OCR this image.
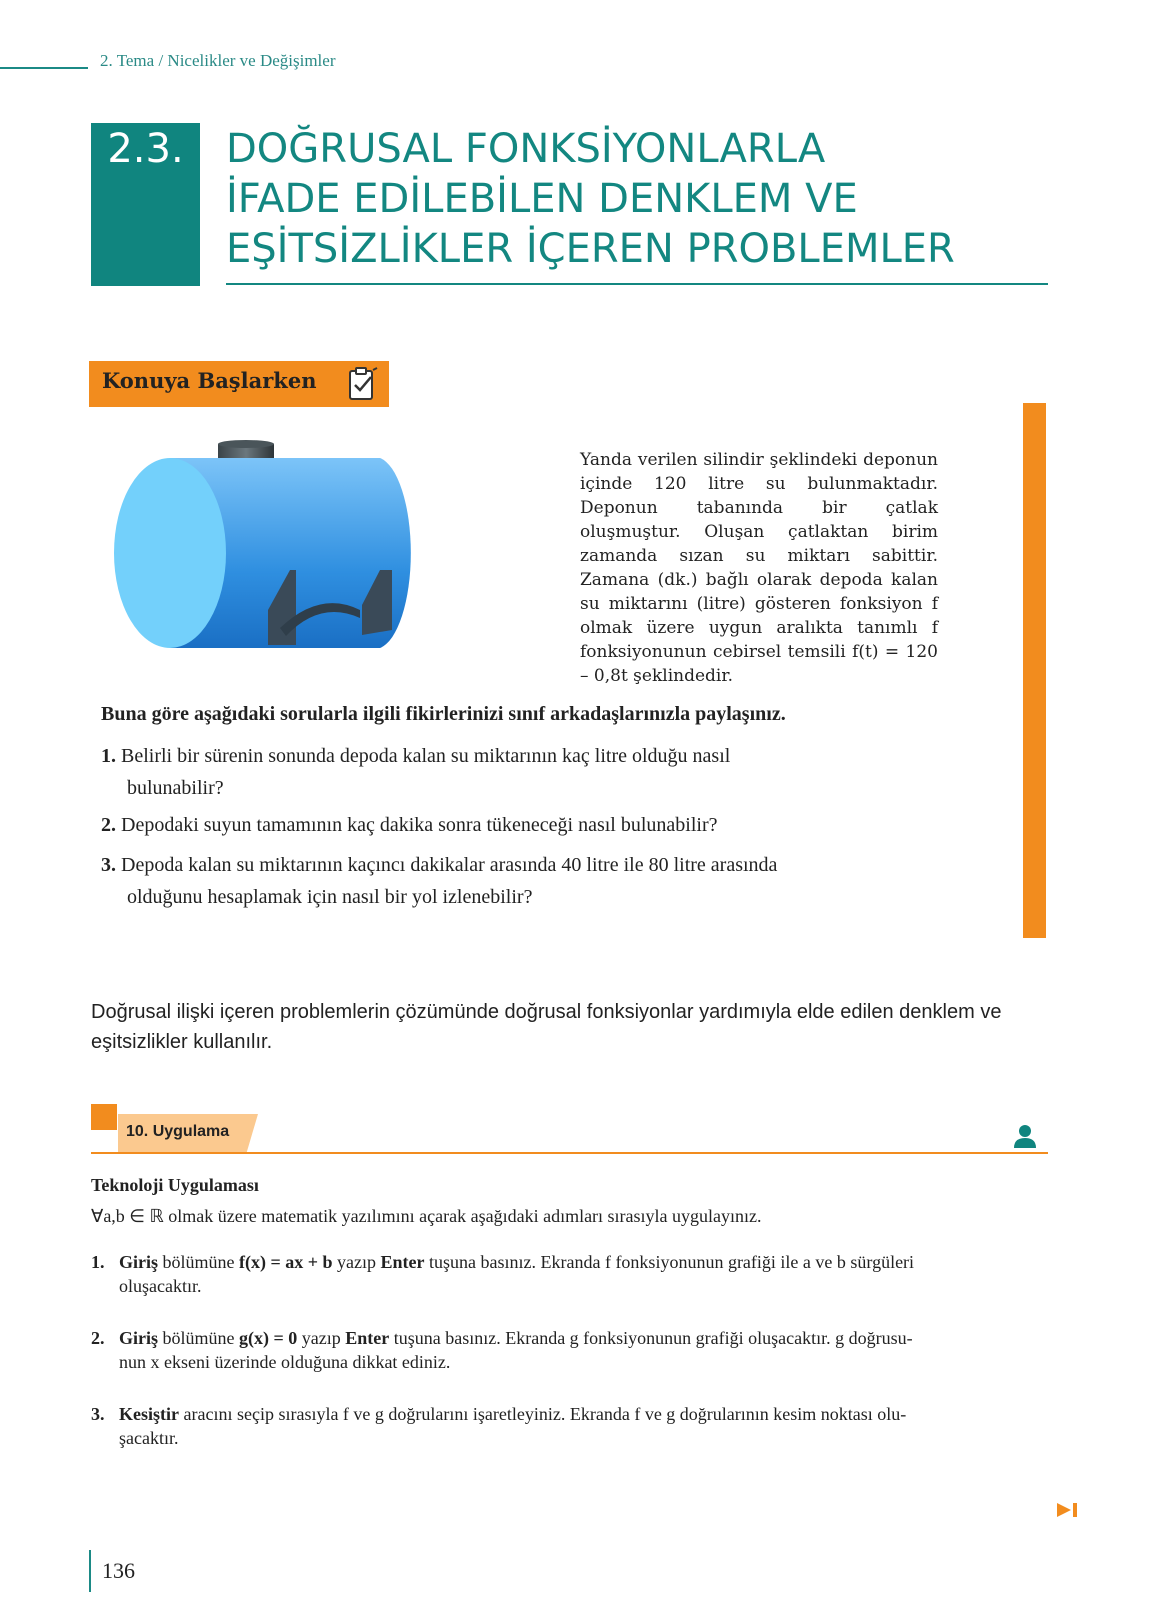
2. Tema / Nicelikler ve Değişimler
2.3.	DOĞRUSAL FONKSİYONLARLA
İFADE EDİLEBİLEN DENKLEM VE
EŞİTSİZLİKLER İÇEREN PROBLEMLER
Konuya Başlarken
Yanda verilen silindir şeklindeki deponun içinde 120 litre su bulunmaktadır. Deponun tabanında bir çatlak oluşmuştur. Oluşan çatlaktan birim zamanda sızan su miktarı sabittir. Zamana (dk.) bağlı olarak depoda kalan su miktarını (litre) gösteren fonksiyon f olmak üzere uygun aralıkta tanımlı f fonksiyonunun cebirsel temsili f(t) = 120 – 0,8t şeklindedir.
Buna göre aşağıdaki sorularla ilgili fikirlerinizi sınıf arkadaşlarınızla paylaşınız.
1. Belirli bir sürenin sonunda depoda kalan su miktarının kaç litre olduğu nasıl
bulunabilir?
2. Depodaki suyun tamamının kaç dakika sonra tükeneceği nasıl bulunabilir?
3. Depoda kalan su miktarının kaçıncı dakikalar arasında 40 litre ile 80 litre arasında
olduğunu hesaplamak için nasıl bir yol izlenebilir?
Doğrusal ilişki içeren problemlerin çözümünde doğrusal fonksiyonlar yardımıyla elde edilen denklem ve eşitsizlikler kullanılır.
10. Uygulama
Teknoloji Uygulaması
∀a,b ∈ ℝ olmak üzere matematik yazılımını açarak aşağıdaki adımları sırasıyla uygulayınız.
1. Giriş bölümüne f(x) = ax + b yazıp Enter tuşuna basınız. Ekranda f fonksiyonunun grafiği ile a ve b sürgüleri
oluşacaktır.
2. Giriş bölümüne g(x) = 0 yazıp Enter tuşuna basınız. Ekranda g fonksiyonunun grafiği oluşacaktır. g doğrusu-
nun x ekseni üzerinde olduğuna dikkat ediniz.
3. Kesiştir aracını seçip sırasıyla f ve g doğrularını işaretleyiniz. Ekranda f ve g doğrularının kesim noktası olu-
şacaktır.
136
